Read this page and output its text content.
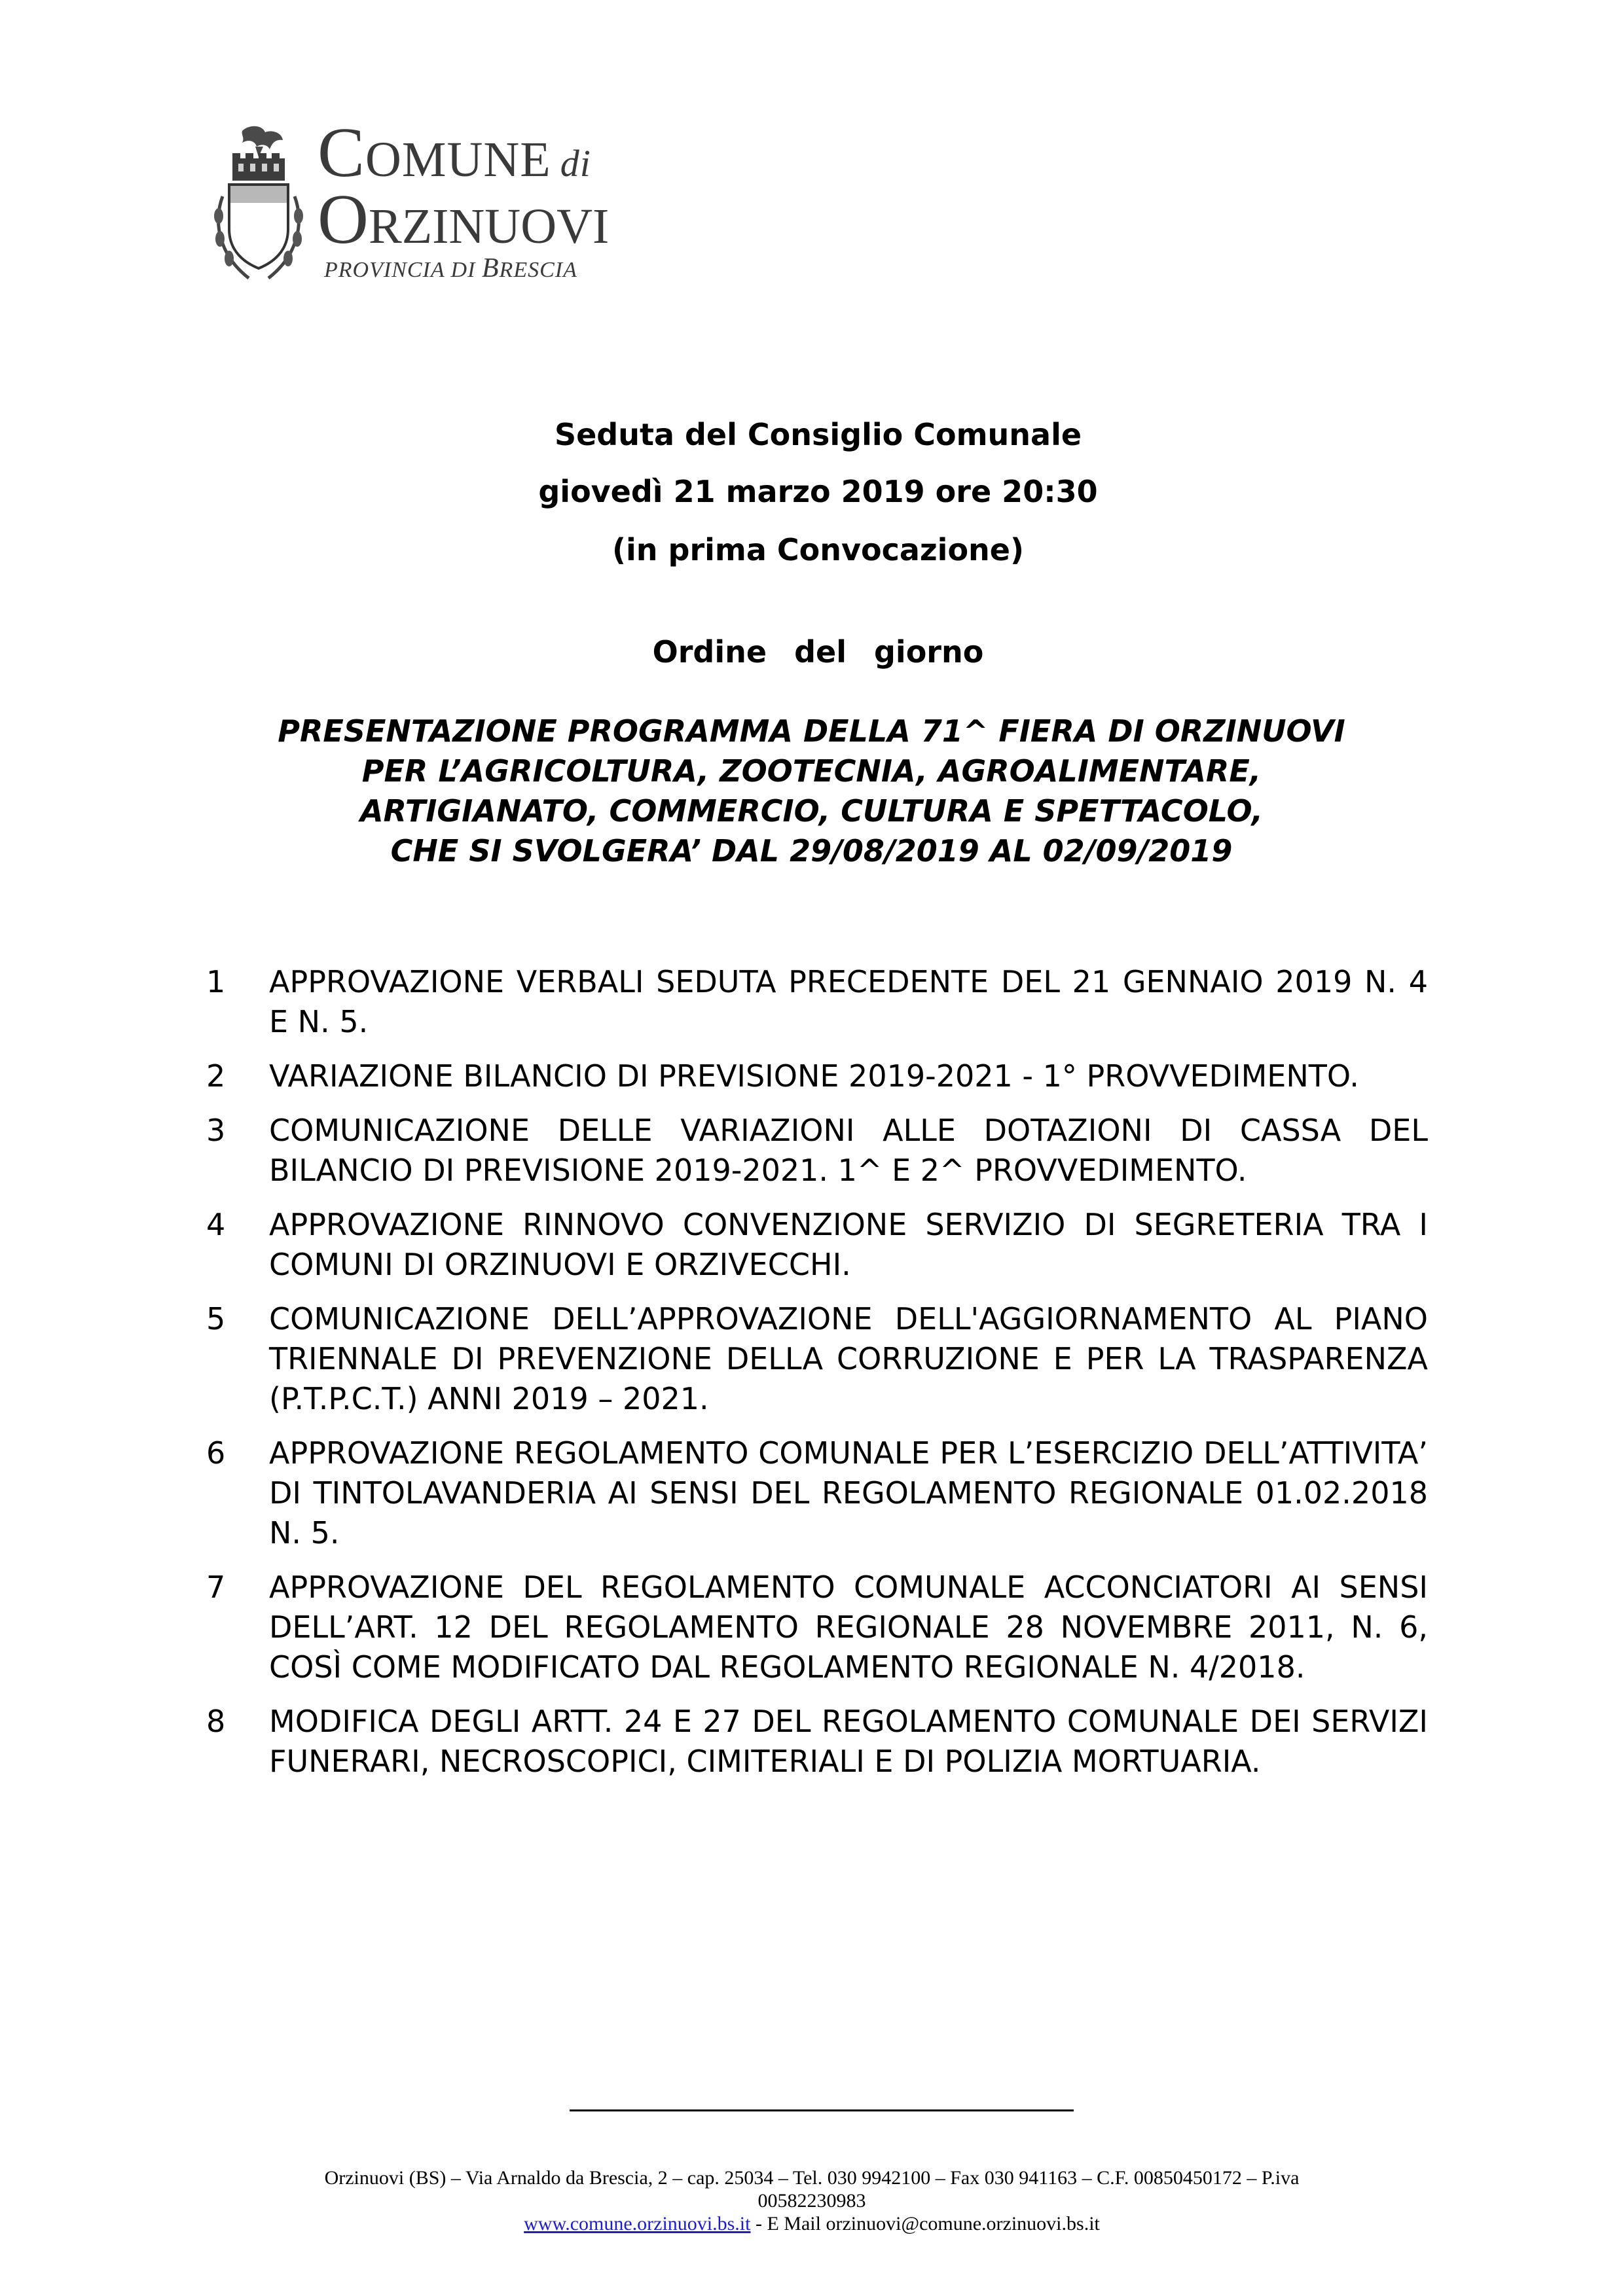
COMUNE di
ORZINUOVI
PROVINCIA DI BRESCIA
Seduta del Consiglio Comunale
giovedì 21 marzo 2019 ore 20:30
(in prima Convocazione)
Ordine del giorno
PRESENTAZIONE PROGRAMMA DELLA 71^ FIERA DI ORZINUOVI
PER L’AGRICOLTURA, ZOOTECNIA, AGROALIMENTARE,
ARTIGIANATO, COMMERCIO, CULTURA E SPETTACOLO,
CHE SI SVOLGERA’ DAL 29/08/2019 AL 02/09/2019
1 APPROVAZIONE VERBALI SEDUTA PRECEDENTE DEL 21 GENNAIO 2019 N. 4 E N. 5.
2 VARIAZIONE BILANCIO DI PREVISIONE 2019-2021 - 1° PROVVEDIMENTO.
3 COMUNICAZIONE DELLE VARIAZIONI ALLE DOTAZIONI DI CASSA DEL BILANCIO DI PREVISIONE 2019-2021. 1^ E 2^ PROVVEDIMENTO.
4 APPROVAZIONE RINNOVO CONVENZIONE SERVIZIO DI SEGRETERIA TRA I COMUNI DI ORZINUOVI E ORZIVECCHI.
5 COMUNICAZIONE DELL’APPROVAZIONE DELL'AGGIORNAMENTO AL PIANO TRIENNALE DI PREVENZIONE DELLA CORRUZIONE E PER LA TRASPARENZA (P.T.P.C.T.) ANNI 2019 – 2021.
6 APPROVAZIONE REGOLAMENTO COMUNALE PER L’ESERCIZIO DELL’ATTIVITA’ DI TINTOLAVANDERIA AI SENSI DEL REGOLAMENTO REGIONALE 01.02.2018 N. 5.
7 APPROVAZIONE DEL REGOLAMENTO COMUNALE ACCONCIATORI AI SENSI DELL’ART. 12 DEL REGOLAMENTO REGIONALE 28 NOVEMBRE 2011, N. 6, COSÌ COME MODIFICATO DAL REGOLAMENTO REGIONALE N. 4/2018.
8 MODIFICA DEGLI ARTT. 24 E 27 DEL REGOLAMENTO COMUNALE DEI SERVIZI FUNERARI, NECROSCOPICI, CIMITERIALI E DI POLIZIA MORTUARIA.
Orzinuovi (BS) – Via Arnaldo da Brescia, 2 – cap. 25034 – Tel. 030 9942100 – Fax 030 941163 – C.F. 00850450172 – P.iva
00582230983
www.comune.orzinuovi.bs.it - E Mail orzinuovi@comune.orzinuovi.bs.it
